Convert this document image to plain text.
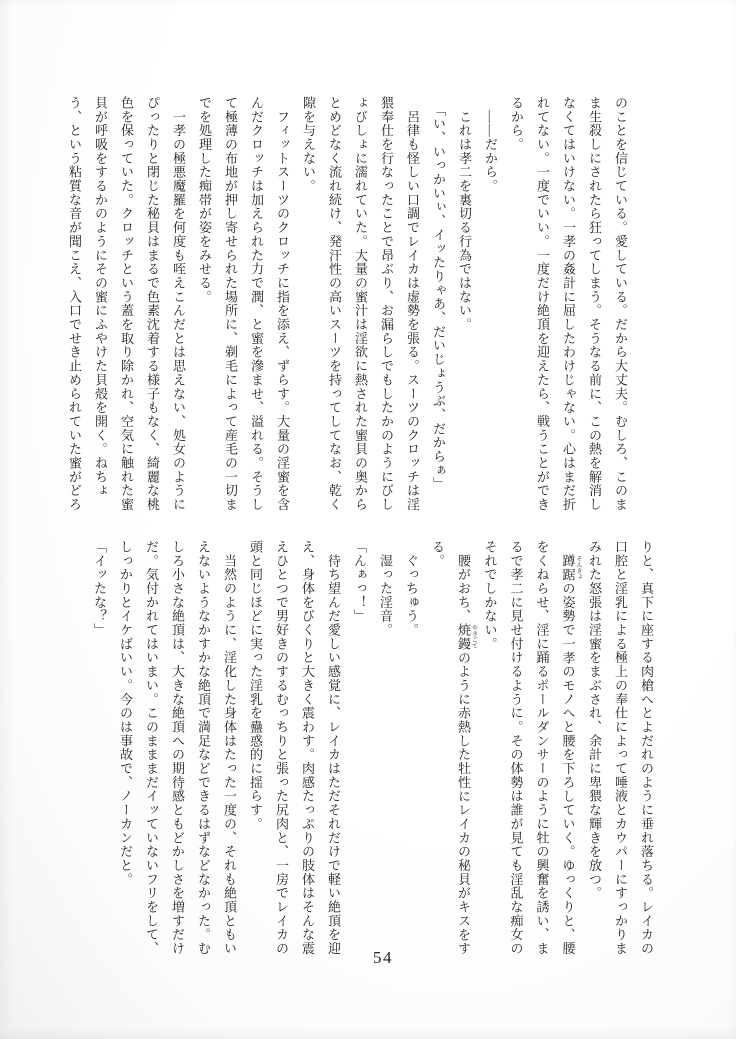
のことを信じている。愛している。だから大丈夫。むしろ、このま

ま生殺しにされたら狂ってしまう。そうなる前に、この熱を解消し

なくてはいけない。一孝の姦計に屈したわけじゃない。心はまだ折

れてない。一度でいい。一度だけ絶頂を迎えたら、戦うことができ

るから。

　――だから。

　これは孝二を裏切る行為ではない。

　「い、いっかいぃ、イッたりゃあ、だいじょうぶ、だからぁ」

　呂律も怪しい口調でレイカは虚勢を張る。スーツのクロッチは淫

猥奉仕を行なったことで昂ぶり、お漏らしでもしたかのようにびし

ょびしょに濡れていた。大量の蜜汁は淫欲に熱された蜜貝の奥から

とめどなく流れ続け、発汗性の高いスーツを持ってしてなお、乾く

隙を与えない。

　フィットスーツのクロッチに指を添え、ずらす。大量の淫蜜を含

んだクロッチは加えられた力で潤、と蜜を滲ませ、溢れる。そうし

て極薄の布地が押し寄せられた場所に、剃毛によって産毛の一切ま

でを処理した痴帯が姿をみせる。

　一孝の極悪魔羅を何度も咥えこんだとは思えない、処女のように

ぴったりと閉じた秘貝はまるで色素沈着する様子もなく、綺麗な桃

色を保っていた。クロッチという蓋を取り除かれ、空気に触れた蜜

貝が呼吸をするかのようにその蜜にふやけた貝殻を開く。ねちょ

う、という粘質な音が聞こえ、入口でせき止められていた蜜がどろ

りと、真下に座する肉槍へとよだれのように垂れ落ちる。レイカの

口腔と淫乳による極上の奉仕によって唾液とカウパーにすっかりま

みれた怒張は淫蜜をまぶされ、余計に卑猥な輝きを放つ。

　蹲踞 そんきょの姿勢で一孝のモノへと腰を下ろしていく。ゆっくりと、腰

をくねらせ、淫に踊るポールダンサーのように牡の興奮を誘い、ま

るで孝二に見せ付けるように。その体勢は誰が見ても淫乱な痴女の

それでしかない。

　腰がおち、焼鏝 やきごてのように赤熱した牡性にレイカの秘貝がキスをす

る。

　ぐっちゅう。

　湿った淫音。

「んぁっ！」

　待ち望んだ愛しい感覚に、レイカはただそれだけで軽い絶頂を迎

え、身体をびくりと大きく震わす。肉感たっぷりの肢体はそんな震

えひとつで男好きのするむっちりと張った尻肉と、一房でレイカの

頭と同じほどに実った淫乳を蠱惑的に揺らす。

　当然のように、淫化した身体はたった一度の、それも絶頂ともい

えないようなかすかな絶頂で満足などできるはずなどなかった。む

しろ小さな絶頂は、大きな絶頂への期待感ともどかしさを増すだけ

だ。気付かれてはいまい。このまままだイッていないフリをして、

しっかりとイケばいい。今のは事故で、ノーカンだと。

「イッたな？」

54
